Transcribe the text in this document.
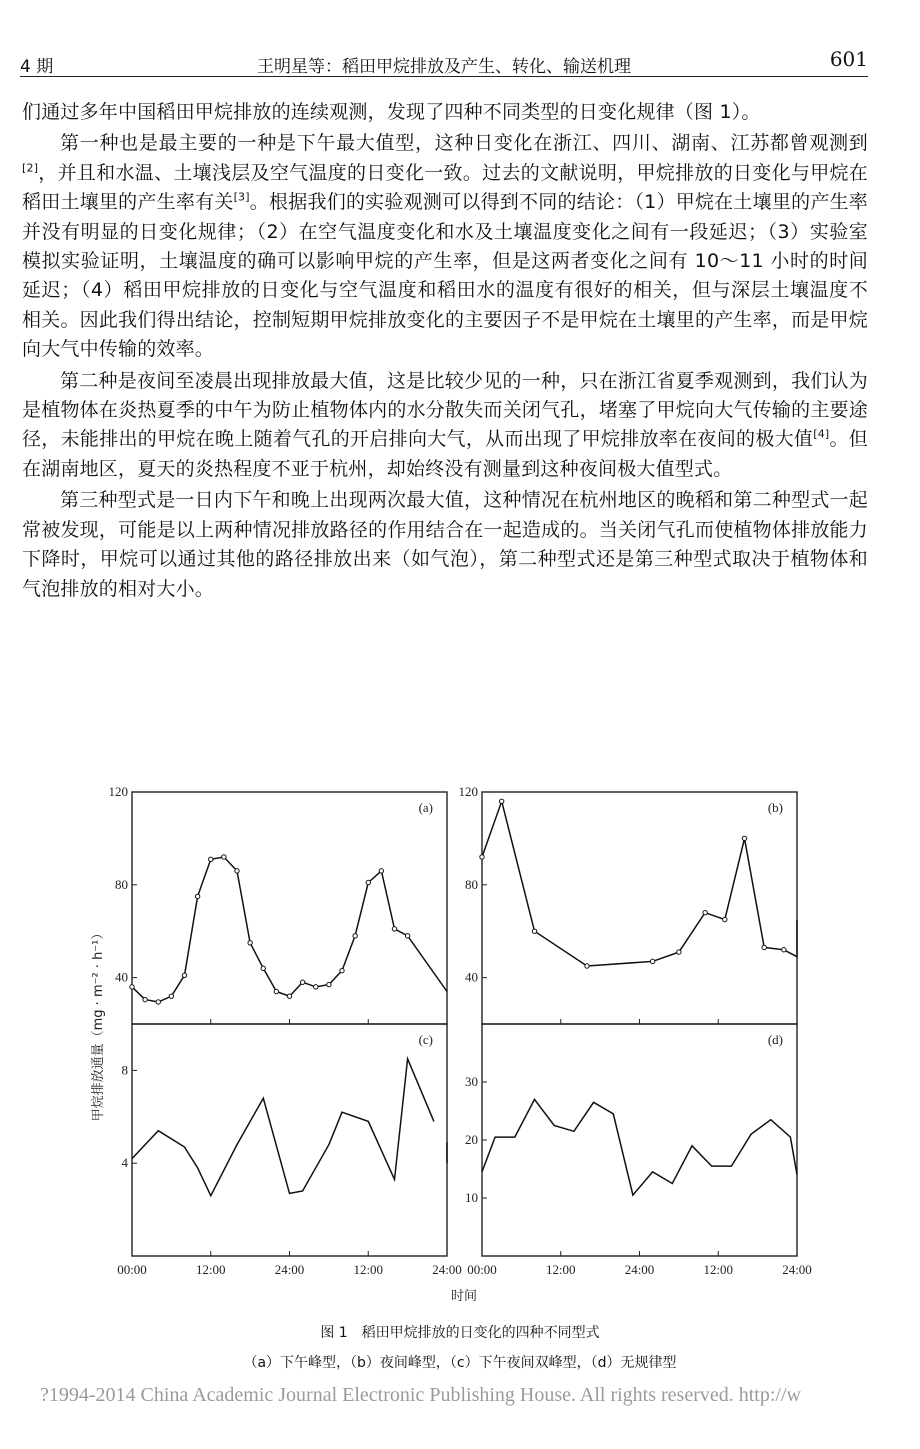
4 期	王明星等：稻田甲烷排放及产生、转化、输送机理	601

们通过多年中国稻田甲烷排放的连续观测，发现了四种不同类型的日变化规律（图 1）。

第一种也是最主要的一种是下午最大值型，这种日变化在浙江、四川、湖南、江苏都曾观测到[2]，并且和水温、土壤浅层及空气温度的日变化一致。过去的文献说明，甲烷排放的日变化与甲烷在稻田土壤里的产生率有关[3]。根据我们的实验观测可以得到不同的结论：（1）甲烷在土壤里的产生率并没有明显的日变化规律；（2）在空气温度变化和水及土壤温度变化之间有一段延迟；（3）实验室模拟实验证明，土壤温度的确可以影响甲烷的产生率，但是这两者变化之间有 10～11 小时的时间延迟；（4）稻田甲烷排放的日变化与空气温度和稻田水的温度有很好的相关，但与深层土壤温度不相关。因此我们得出结论，控制短期甲烷排放变化的主要因子不是甲烷在土壤里的产生率，而是甲烷向大气中传输的效率。

第二种是夜间至凌晨出现排放最大值，这是比较少见的一种，只在浙江省夏季观测到，我们认为是植物体在炎热夏季的中午为防止植物体内的水分散失而关闭气孔，堵塞了甲烷向大气传输的主要途径，未能排出的甲烷在晚上随着气孔的开启排向大气，从而出现了甲烷排放率在夜间的极大值[4]。但在湖南地区，夏天的炎热程度不亚于杭州，却始终没有测量到这种夜间极大值型式。

第三种型式是一日内下午和晚上出现两次最大值，这种情况在杭州地区的晚稻和第二种型式一起常被发现，可能是以上两种情况排放路径的作用结合在一起造成的。当关闭气孔而使植物体排放能力下降时，甲烷可以通过其他的路径排放出来（如气泡），第二种型式还是第三种型式取决于植物体和气泡排放的相对大小。

40
80
120
(a)
40
80
120
(b)
4
8
(c)
10
20
30
(d)
00:00	12:00	24:00	12:00	24:00 00:00	12:00	24:00	12:00	24:00
时间
甲烷排放通量（mg · m⁻² · h⁻¹）
图 1　稻田甲烷排放的日变化的四种不同型式
（a）下午峰型，（b）夜间峰型，（c）下午夜间双峰型，（d）无规律型
?1994-2014 China Academic Journal Electronic Publishing House. All rights reserved. http://w
